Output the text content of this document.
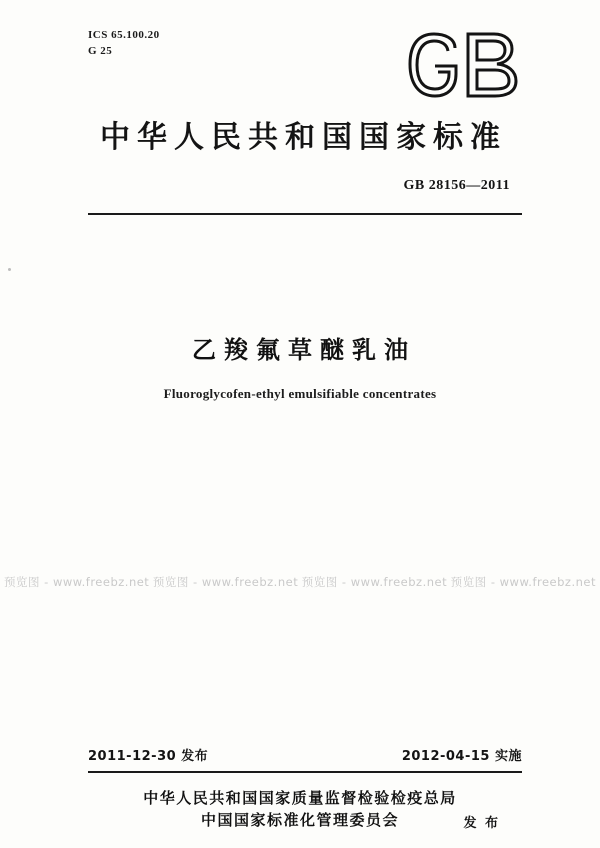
ICS 65.100.20
G 25
中华人民共和国国家标准
GB 28156—2011
乙羧氟草醚乳油
Fluoroglycofen-ethyl emulsifiable concentrates
预览图 - www.freebz.net 预览图 - www.freebz.net 预览图 - www.freebz.net 预览图 - www.freebz.net
2011-12-30 发布	2012-04-15 实施
中华人民共和国国家质量监督检验检疫总局
中国国家标准化管理委员会	发 布
